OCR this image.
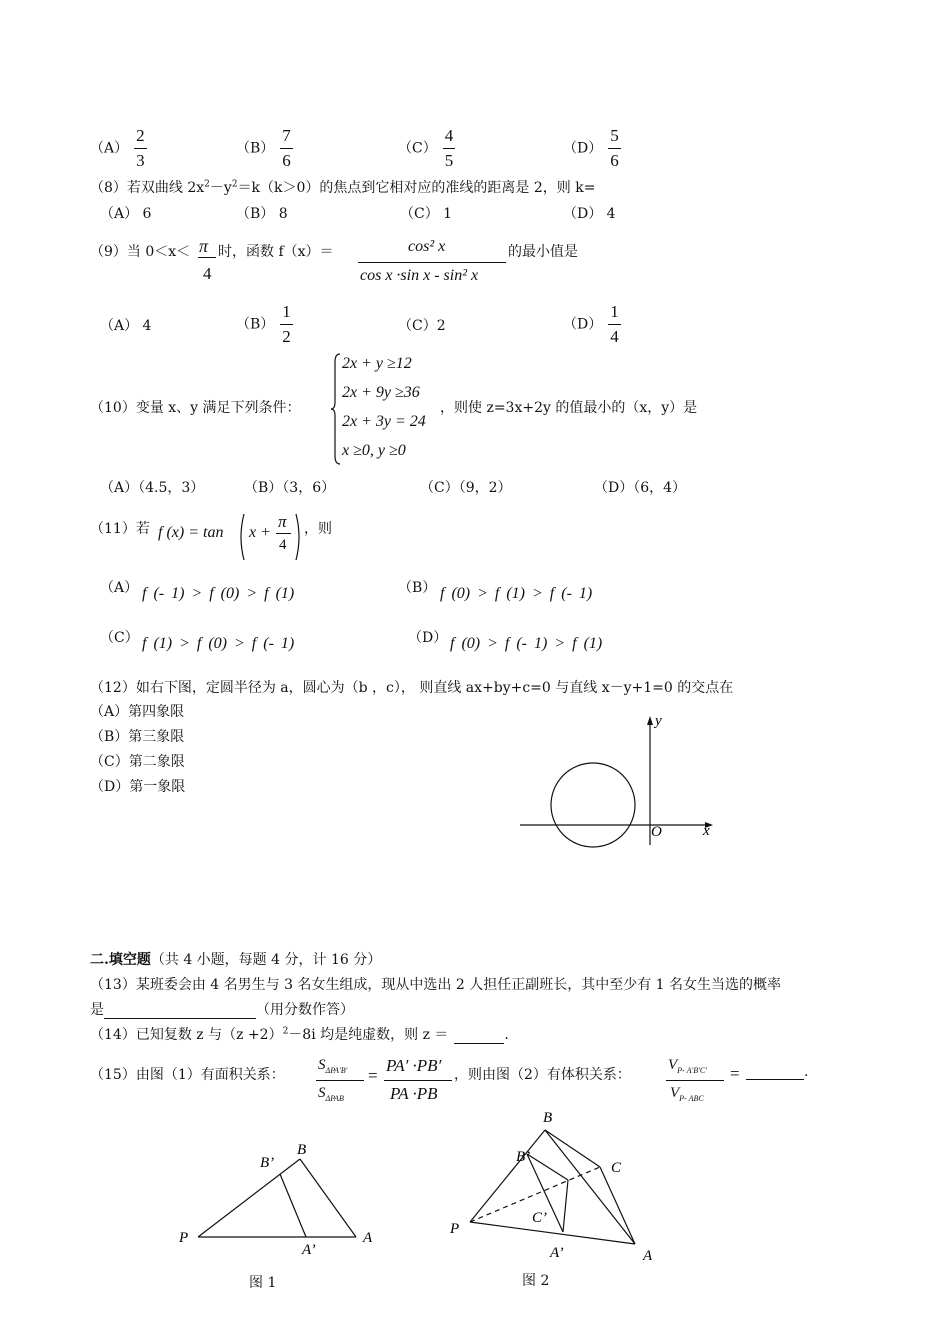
$(A) \frac{2}{3}$	$(B) \frac{7}{6}$	$(C) \frac{4}{5}$	$(D) \frac{5}{6}$
（8）若双曲线 $2x^2-y^2=k(k>0)$的焦点到它相对应的准线的距离是 2，则 k=
（A） 6	（B） 8	（C） 1	（D） 4
（9）当 0＜x＜ π
4
时，函数 f（x）＝	cos² x
cos x ·sin x - sin² x
的最小值是
（A） 4	$(B) \frac{1}{2}$	（C）2	$(D) \frac{1}{4}$
（10）变量 x、y 满足下列条件：
2x + y ≥12
2x + 9y ≥36
2x + 3y = 24
x ≥0, y ≥0
，则使 z=3x+2y 的值最小的（x，y）是
（A）（4.5，3）	（B）（3，6）	（C）（9，2）	（D）（6，4）
（11）若 f (x) = tan x +
π
4
，则
（A） f (- 1) > f (0) > f (1)	（B） f (0) > f (1) > f (- 1)
（C） f (1) > f (0) > f (- 1)	（D） f (0) > f (- 1) > f (1)
（12）如右下图，定圆半径为 a，圆心为（b ，c）， 则直线 ax+by+c=0 与直线 x－y+1=0 的交点在
（A）第四象限
（B）第三象限
（C）第二象限
（D）第一象限
y
x
O
二.填空题（共 4 小题，每题 4 分，计 16 分）
（13）某班委会由 4 名男生与 3 名女生组成，现从中选出 2 人担任正副班长，其中至少有 1 名女生当选的概率
是	（用分数作答）
（14）已知复数 z 与$(z +2)^2-8i$ 均是纯虚数，则 z ＝	.
（15）由图（1）有面积关系：
$S_{\Delta PA'B'}$
$S_{\Delta PAB}$
=
PA′ ·PB′
PA ·PB
，则由图（2）有体积关系：
$V_{P- A'B'C'}$
$V_{P- ABC}$
=	.
P	A
B
B’
A’
图 1
P
A
B
C
B’
C’
A’
图 2
